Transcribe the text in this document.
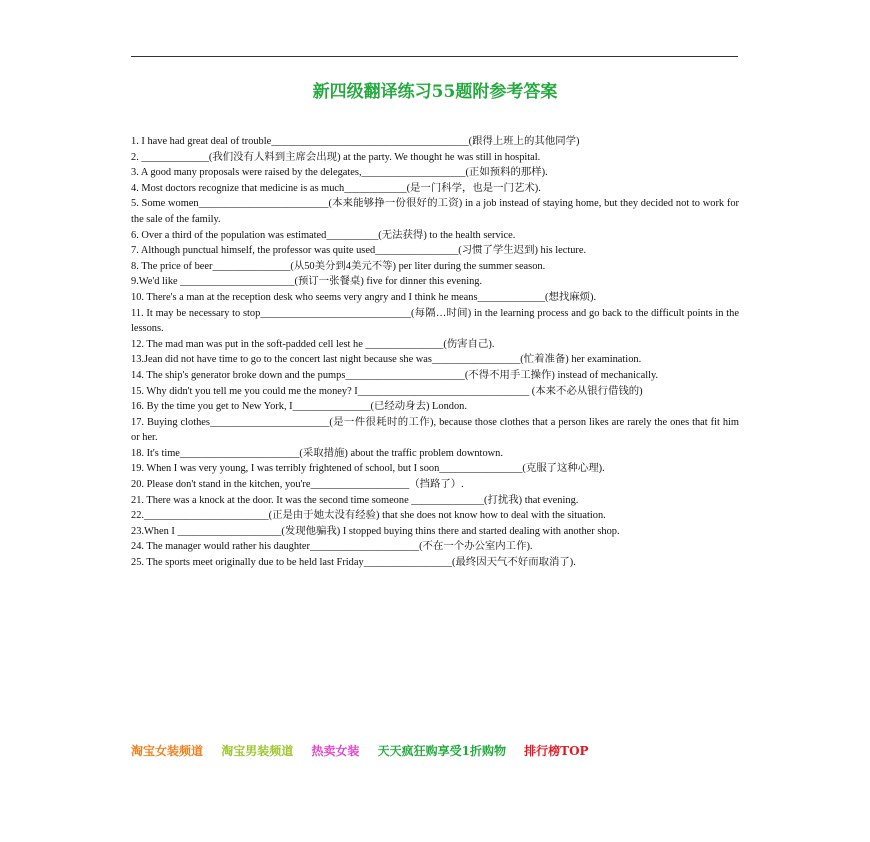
新四级翻译练习55题附参考答案

1. I have had great deal of trouble______________________________________(跟得上班上的其他同学)

2. _____________(我们没有人料到主席会出现) at the party. We thought he was still in hospital.

3. A good many proposals were raised by the delegates,____________________(正如预料的那样).

4. Most doctors recognize that medicine is as much____________(是一门科学，也是一门艺术).

5. Some women_________________________(本来能够挣一份很好的工资) in a job instead of staying home, but they decided not to work for the sale of the family.

6. Over a third of the population was estimated__________(无法获得) to the health service.

7. Although punctual himself, the professor was quite used________________(习惯了学生迟到) his lecture.

8. The price of beer_______________(从50美分到4美元不等) per liter during the summer season.

9.We'd like ______________________(预订一张餐桌) five for dinner this evening.

10. There's a man at the reception desk who seems very angry and I think he means_____________(想找麻烦).

11. It may be necessary to stop_____________________________(每隔…时间) in the learning process and go back to the difficult points in the lessons.

12. The mad man was put in the soft-padded cell lest he _______________(伤害自己).

13.Jean did not have time to go to the concert last night because she was_________________(忙着准备) her examination.

14. The ship's generator broke down and the pumps_______________________(不得不用手工操作) instead of mechanically.

15. Why didn't you tell me you could me the money? I_________________________________ (本来不必从银行借钱的)

16. By the time you get to New York, I_______________(已经动身去) London.

17. Buying clothes_______________________(是一件很耗时的工作), because those clothes that a person likes are rarely the ones that fit him or her.

18. It's time_______________________(采取措施) about the traffic problem downtown.

19. When I was very young, I was terribly frightened of school, but I soon________________(克服了这种心理).

20. Please don't stand in the kitchen, you're___________________（挡路了）.

21. There was a knock at the door. It was the second time someone ______________(打扰我) that evening.

22.________________________(正是由于她太没有经验) that she does not know how to deal with the situation.

23.When I ____________________(发现他骗我) I stopped buying thins there and started dealing with another shop.

24. The manager would rather his daughter_____________________(不在一个办公室内工作).

25. The sports meet originally due to be held last Friday_________________(最终因天气不好而取消了).

淘宝女装频道 淘宝男装频道 热卖女装 天天疯狂购享受1折购物 排行榜TOP
